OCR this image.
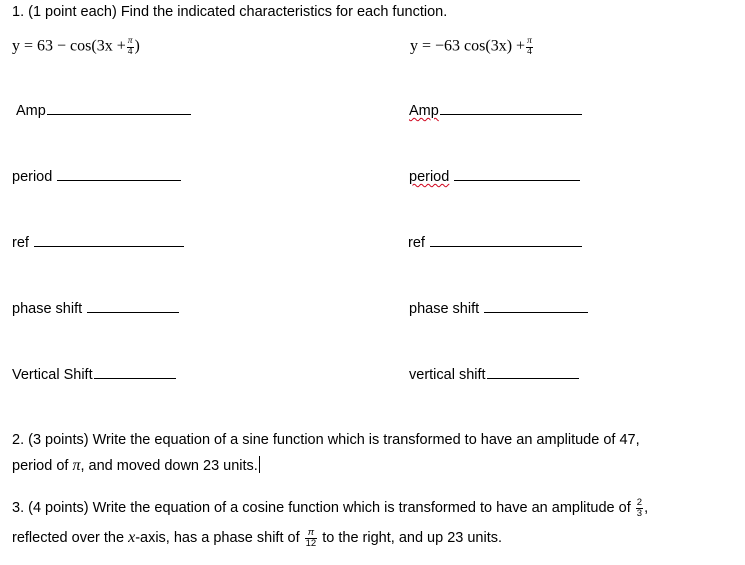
1. (1 point each) Find the indicated characteristics for each function.
$y = 63 - \cos(3x + \frac{\pi}{4}$ )	y = −63 $\cos(3x) + \frac{\pi}{4}$
Amp
period
ref
phase shift
Vertical Shift
Amp
period
ref
phase shift
vertical shift
2. (3 points) Write the equation of a sine function which is transformed to have an amplitude of 47,
period of π, and moved down 23 units.
3. (4 points) Write the equation of a cosine function which is transformed to have an amplitude of $\frac{2}{3}$ ,
reflected over the x-axis, has a phase shift of $\frac{\pi}{12}$ to the right, and up 23 units.
